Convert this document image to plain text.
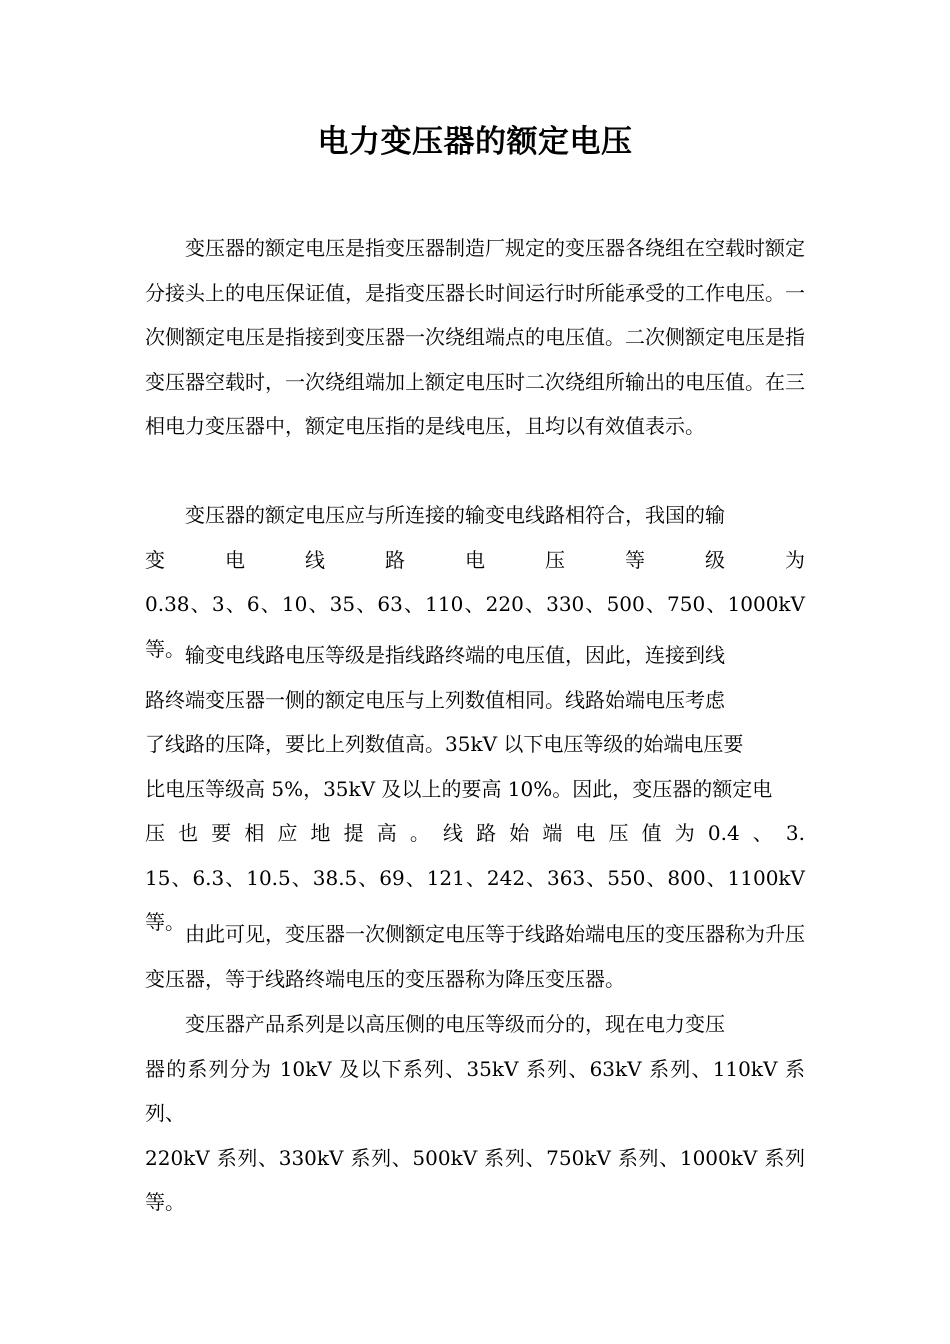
电力变压器的额定电压

变压器的额定电压是指变压器制造厂规定的变压器各绕组在空载时额定分接头上的电压保证值，是指变压器长时间运行时所能承受的工作电压。一次侧额定电压是指接到变压器一次绕组端点的电压值。二次侧额定电压是指变压器空载时，一次绕组端加上额定电压时二次绕组所输出的电压值。在三相电力变压器中，额定电压指的是线电压，且均以有效值表示。

变压器的额定电压应与所连接的输变电线路相符合，我国的输
变	电	线	路	电	压	等	级	为
0.38、3、6、10、35、63、110、220、330、500、750、1000kV 等。 输变电线路电压等级是指线路终端的电压值，因此，连接到线
路终端变压器一侧的额定电压与上列数值相同。线路始端电压考虑
了线路的压降，要比上列数值高。35kV 以下电压等级的始端电压要
比电压等级高 5%，35kV 及以上的要高 10%。因此，变压器的额定电
压 也 要 相 应 地 提 高 。 线 路 始 端 电 压 值 为 0.4 、 3.
15、6.3、10.5、38.5、69、121、242、363、550、800、1100kV 等。 由此可见，变压器一次侧额定电压等于线路始端电压的变压器称为升压变压器，等于线路终端电压的变压器称为降压变压器。

变压器产品系列是以高压侧的电压等级而分的，现在电力变压
器的系列分为 10kV 及以下系列、35kV 系列、63kV 系列、110kV 系列、
220kV 系列、330kV 系列、500kV 系列、750kV 系列、1000kV 系列等。
